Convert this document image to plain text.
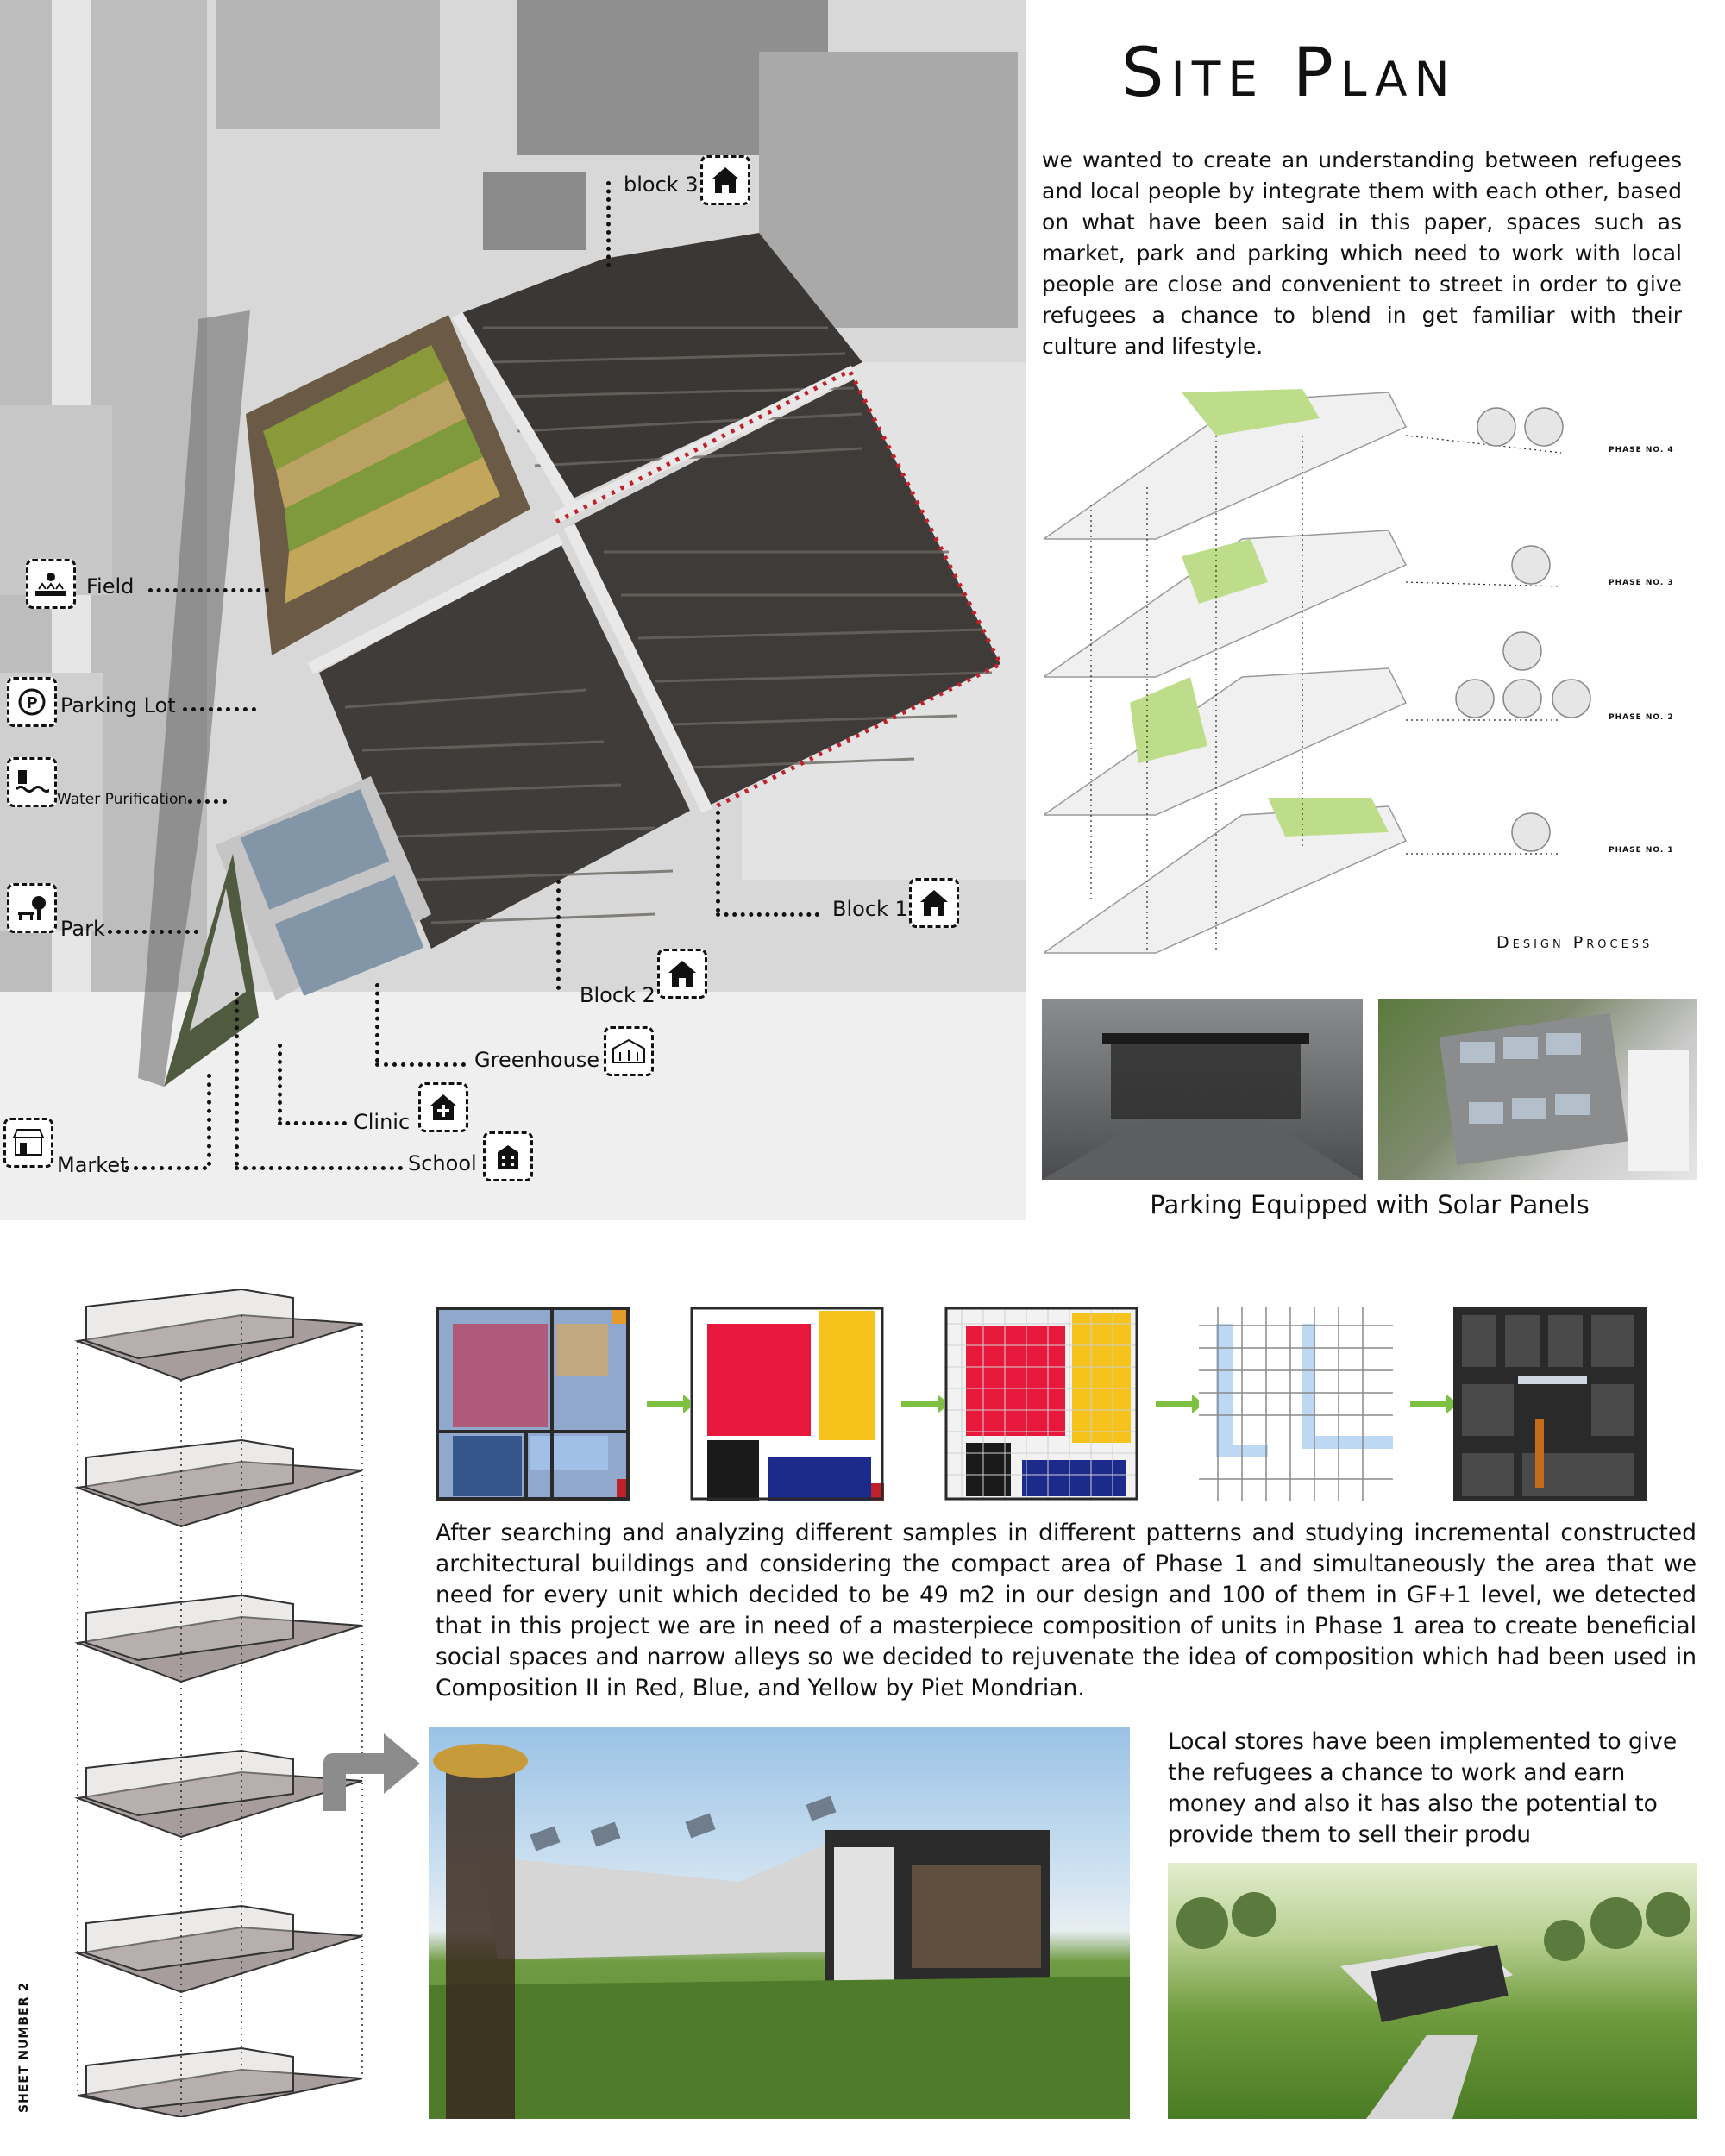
block 3
Field
P Parking Lot
Water Purification
Park
Block 1
Block 2
Greenhouse
Clinic
School
Market
Site Plan
we wanted to create an understanding between refugees and local people by integrate them with each other, based on what have been said in this paper, spaces such as market, park and parking which need to work with local people are close and convenient to street in order to give refugees a chance to blend in get familiar with their culture and lifestyle.
PHASE NO. 4
PHASE NO. 3
PHASE NO. 2
PHASE NO. 1
Design Process
Parking Equipped with Solar Panels
SHEET NUMBER 2
After searching and analyzing different samples in different patterns and studying incremental constructed architectural buildings and considering the compact area of Phase 1 and simultaneously the area that we need for every unit which decided to be 49 m2 in our design and 100 of them in GF+1 level, we detected that in this project we are in need of a masterpiece composition of units in Phase 1 area to create beneficial social spaces and narrow alleys so we decided to rejuvenate the idea of composition which had been used in Composition II in Red, Blue, and Yellow by Piet Mondrian.
Local stores have been implemented to give the refugees a chance to work and earn money and also it has also the potential to provide them to sell their produ
